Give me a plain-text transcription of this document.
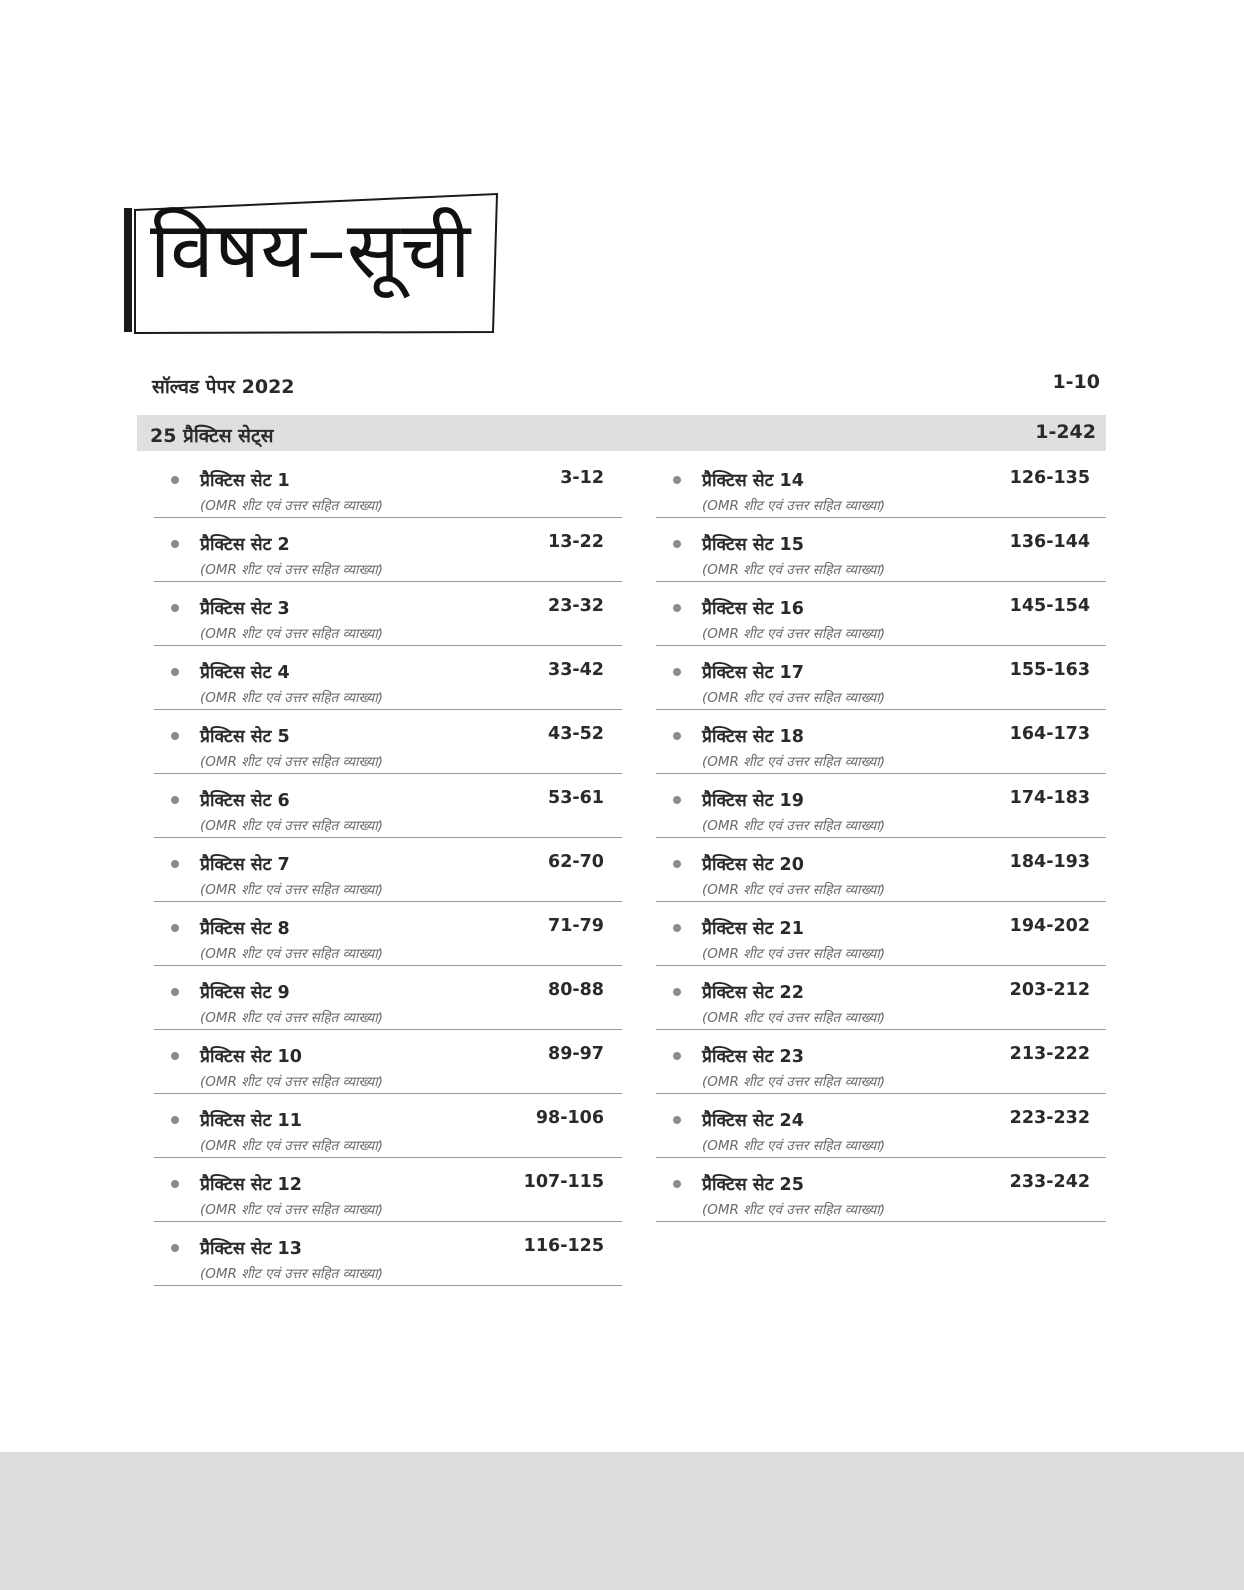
विषय–सूची
सॉल्वड पेपर 2022	1-10
25 प्रैक्टिस सेट्स	1-242
प्रैक्टिस सेट 1
(OMR शीट एवं उत्तर सहित व्याख्या)
3-12
प्रैक्टिस सेट 2
(OMR शीट एवं उत्तर सहित व्याख्या)
13-22
प्रैक्टिस सेट 3
(OMR शीट एवं उत्तर सहित व्याख्या)
23-32
प्रैक्टिस सेट 4
(OMR शीट एवं उत्तर सहित व्याख्या)
33-42
प्रैक्टिस सेट 5
(OMR शीट एवं उत्तर सहित व्याख्या)
43-52
प्रैक्टिस सेट 6
(OMR शीट एवं उत्तर सहित व्याख्या)
53-61
प्रैक्टिस सेट 7
(OMR शीट एवं उत्तर सहित व्याख्या)
62-70
प्रैक्टिस सेट 8
(OMR शीट एवं उत्तर सहित व्याख्या)
71-79
प्रैक्टिस सेट 9
(OMR शीट एवं उत्तर सहित व्याख्या)
80-88
प्रैक्टिस सेट 10
(OMR शीट एवं उत्तर सहित व्याख्या)
89-97
प्रैक्टिस सेट 11
(OMR शीट एवं उत्तर सहित व्याख्या)
98-106
प्रैक्टिस सेट 12
(OMR शीट एवं उत्तर सहित व्याख्या)
107-115
प्रैक्टिस सेट 13
(OMR शीट एवं उत्तर सहित व्याख्या)
116-125
प्रैक्टिस सेट 14
(OMR शीट एवं उत्तर सहित व्याख्या)
126-135
प्रैक्टिस सेट 15
(OMR शीट एवं उत्तर सहित व्याख्या)
136-144
प्रैक्टिस सेट 16
(OMR शीट एवं उत्तर सहित व्याख्या)
145-154
प्रैक्टिस सेट 17
(OMR शीट एवं उत्तर सहित व्याख्या)
155-163
प्रैक्टिस सेट 18
(OMR शीट एवं उत्तर सहित व्याख्या)
164-173
प्रैक्टिस सेट 19
(OMR शीट एवं उत्तर सहित व्याख्या)
174-183
प्रैक्टिस सेट 20
(OMR शीट एवं उत्तर सहित व्याख्या)
184-193
प्रैक्टिस सेट 21
(OMR शीट एवं उत्तर सहित व्याख्या)
194-202
प्रैक्टिस सेट 22
(OMR शीट एवं उत्तर सहित व्याख्या)
203-212
प्रैक्टिस सेट 23
(OMR शीट एवं उत्तर सहित व्याख्या)
213-222
प्रैक्टिस सेट 24
(OMR शीट एवं उत्तर सहित व्याख्या)
223-232
प्रैक्टिस सेट 25
(OMR शीट एवं उत्तर सहित व्याख्या)
233-242
